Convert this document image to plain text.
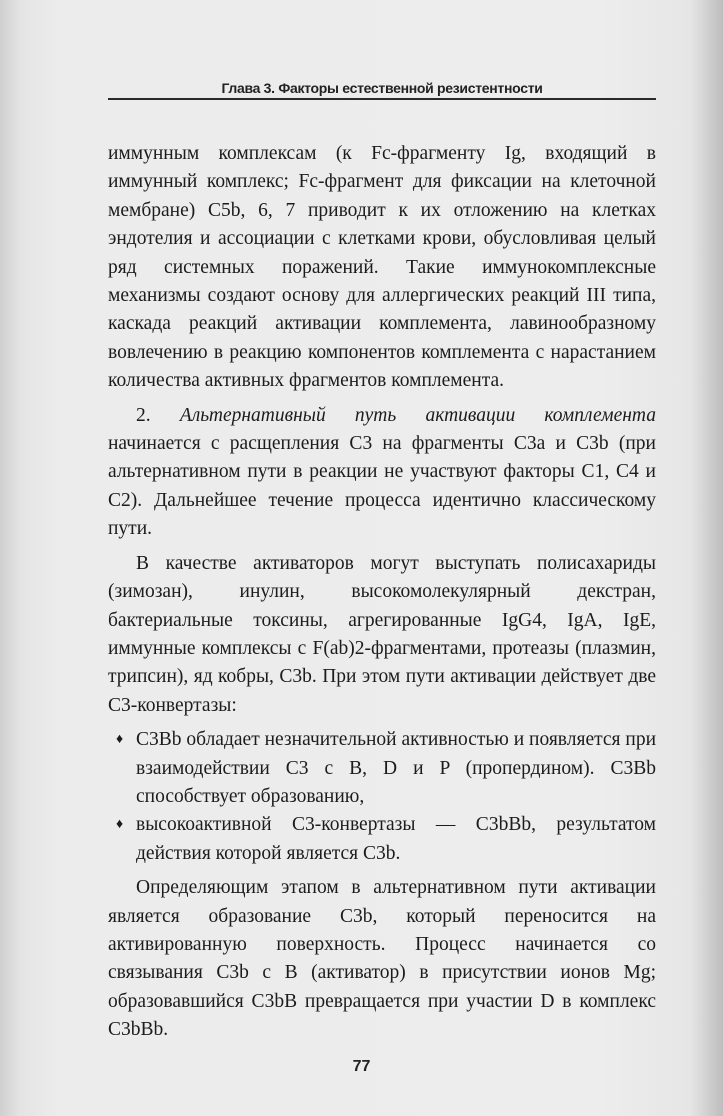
Глава 3. Факторы естественной резистентности

иммунным комплексам (к Fc-фрагменту Ig, входящий в иммунный комплекс; Fc-фрагмент для фиксации на клеточной мембране) C5b, 6, 7 приводит к их отложению на клетках эндотелия и ассоциации с клетками крови, обусловливая целый ряд системных поражений. Такие иммунокомплексные механизмы создают основу для аллергических реакций III типа, каскада реакций активации комплемента, лавинообразному вовлечению в реакцию компонентов комплемента с нарастанием количества активных фрагментов комплемента.

2. Альтернативный путь активации комплемента начинается с расщепления C3 на фрагменты C3a и C3b (при альтернативном пути в реакции не участвуют факторы C1, C4 и C2). Дальнейшее течение процесса идентично классическому пути.

В качестве активаторов могут выступать полисахариды (зимозан), инулин, высокомолекулярный декстран, бактериальные токсины, агрегированные IgG4, IgA, IgE, иммунные комплексы с F(ab)2-фрагментами, протеазы (плазмин, трипсин), яд кобры, C3b. При этом пути активации действует две C3-конвертазы:

♦ C3Bb обладает незначительной активностью и появляется при взаимодействии C3 с B, D и P (пропердином). C3Bb способствует образованию,
♦ высокоактивной C3-конвертазы — C3bBb, результатом действия которой является C3b.

Определяющим этапом в альтернативном пути активации является образование C3b, который переносится на активированную поверхность. Процесс начинается со связывания C3b с B (активатор) в присутствии ионов Mg; образовавшийся C3bB превращается при участии D в комплекс C3bBb.

77
